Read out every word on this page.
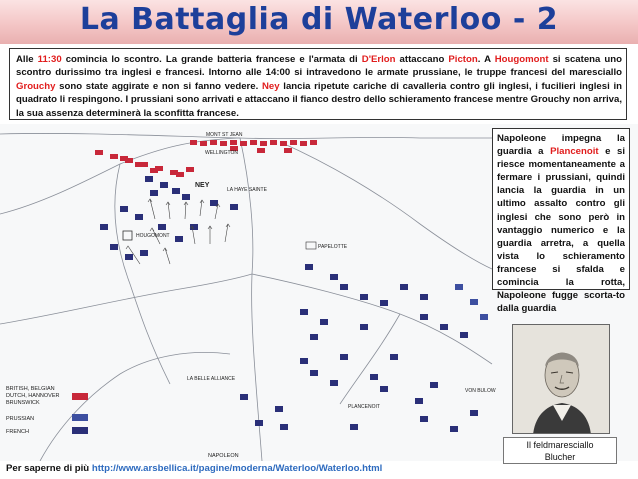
La Battaglia di Waterloo - 2
Alle 11:30 comincia lo scontro. La grande batteria francese e l'armata di D'Erlon attaccano Picton. A Hougomont si scatena uno scontro durissimo tra inglesi e francesi. Intorno alle 14:00 si intravedono le armate prussiane, le truppe francesi del maresciallo Grouchy sono state aggirate e non si fanno vedere. Ney lancia ripetute cariche di cavalleria contro gli inglesi, i fucilieri inglesi in quadrato li respingono. I prussiani sono arrivati e attaccano il fianco destro dello schieramento francese mentre Grouchy non arriva, la sua assenza determinerà la sconfitta francese.
MONT ST JEAN
WELLINGTON
NEY
LA HAYE SAINTE
HOUGOMONT
PAPELOTTE
LA BELLE ALLIANCE
PLANCENOIT
VON BULOW
NAPOLEON
BRITISH, BELGIAN
DUTCH, HANNOVER
BRUNSWICK
PRUSSIAN
FRENCH
Napoleone impegna la guardia a Plancenoit e si riesce momentaneamente a fermare i prussiani, quindi lancia la guardia in un ultimo assalto contro gli inglesi che sono però in vantaggio numerico e la guardia arretra, a quella vista lo schieramento francese si sfalda e comincia la rotta, Napoleone fugge scorta-to dalla guardia
Il feldmaresciallo
Blucher
Per saperne di più http://www.arsbellica.it/pagine/moderna/Waterloo/Waterloo.html
